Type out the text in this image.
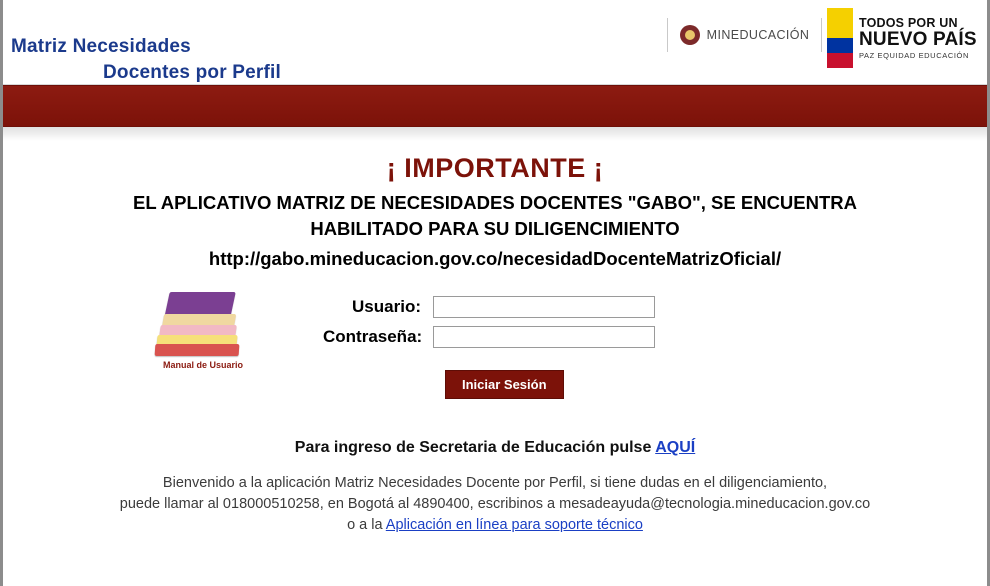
Matriz Necesidades

Docentes por Perfil

MINEDUCACIÓN
TODOS POR UN
NUEVO PAÍS
PAZ EQUIDAD EDUCACIÓN
¡ IMPORTANTE ¡
EL APLICATIVO MATRIZ DE NECESIDADES DOCENTES "GABO", SE ENCUENTRA
HABILITADO PARA SU DILIGENCIMIENTO
http://gabo.mineducacion.gov.co/necesidadDocenteMatrizOficial/
Manual de Usuario
Usuario:
Contraseña:
Iniciar Sesión
Para ingreso de Secretaria de Educación pulse AQUÍ
Bienvenido a la aplicación Matriz Necesidades Docente por Perfil, si tiene dudas en el diligenciamiento,
puede llamar al 018000510258, en Bogotá al 4890400, escribinos a mesadeayuda@tecnologia.mineducacion.gov.co
o a la Aplicación en línea para soporte técnico
